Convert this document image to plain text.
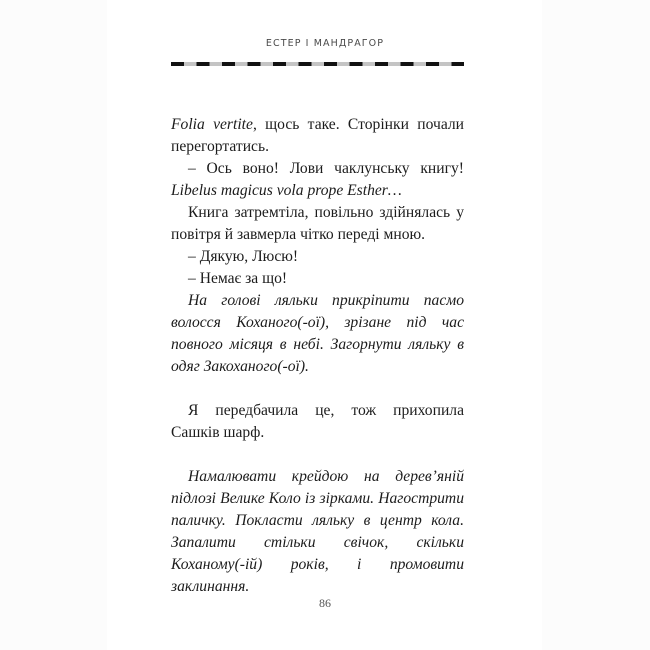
ЕСТЕР І МАНДРАГОР

Folia vertite, щось таке. Сторінки почали перегортатись.

– Ось воно! Лови чаклунську книгу! Libelus magicus vola prope Esther…

Книга затремтіла, повільно здійнялась у повітря й завмерла чітко переді мною.

– Дякую, Люсю!

– Немає за що!

На голові ляльки прикріпити пасмо волосся Коханого(-ої), зрізане під час повного місяця в небі. Загорнути ляльку в одяг Закоханого(-ої).

Я передбачила це, тож прихопила Сашків шарф.

Намалювати крейдою на дерев’яній підлозі Велике Коло із зірками. Нагострити паличку. Покласти ляльку в центр кола. Запалити стільки свічок, скільки Коханому(-ій) років, і промовити заклинання.

86
